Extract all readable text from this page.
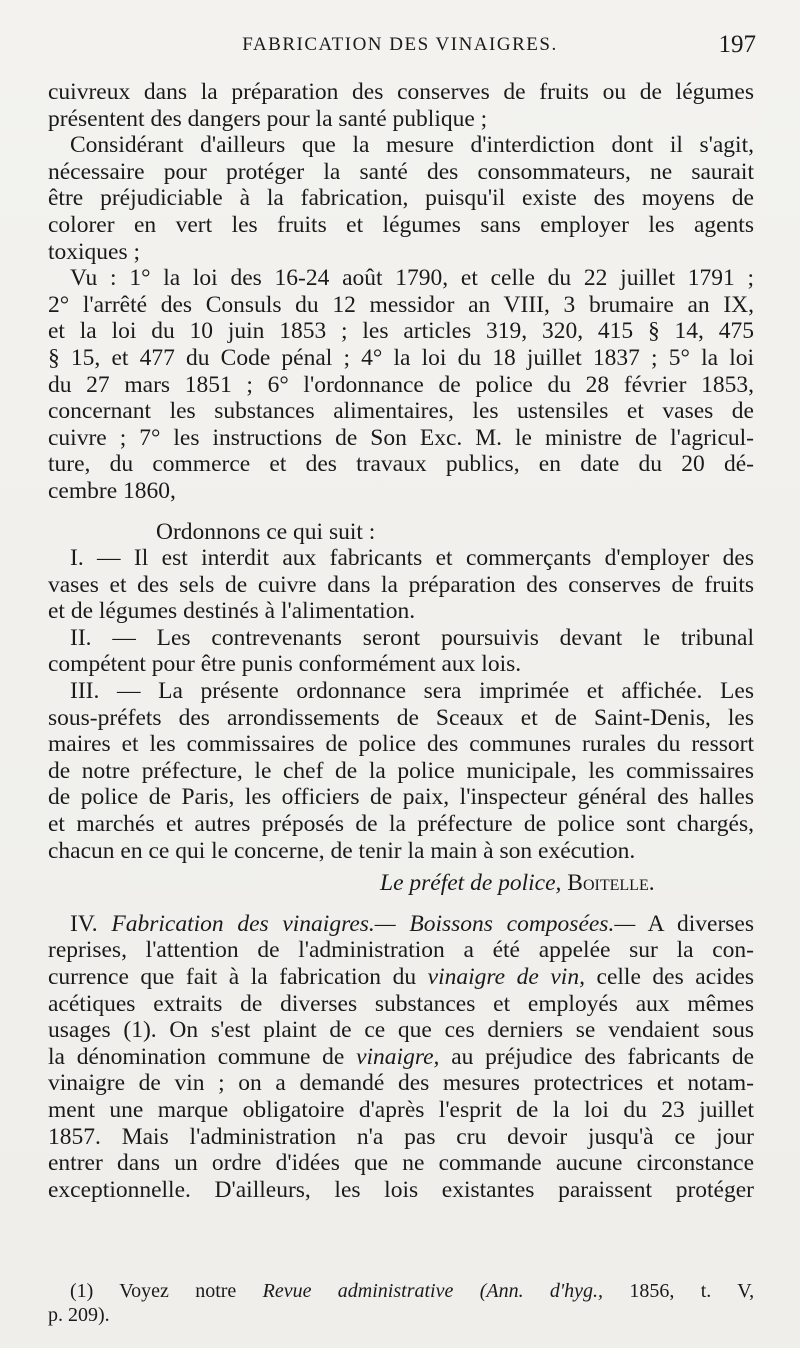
FABRICATION DES VINAIGRES.	197
cuivreux dans la préparation des conserves de fruits ou de légumes
présentent des dangers pour la santé publique ;
Considérant d'ailleurs que la mesure d'interdiction dont il s'agit,
nécessaire pour protéger la santé des consommateurs, ne saurait
être préjudiciable à la fabrication, puisqu'il existe des moyens de
colorer en vert les fruits et légumes sans employer les agents
toxiques ;
Vu : 1° la loi des 16-24 août 1790, et celle du 22 juillet 1791 ;
2° l'arrêté des Consuls du 12 messidor an VIII, 3 brumaire an IX,
et la loi du 10 juin 1853 ; les articles 319, 320, 415 § 14, 475
§ 15, et 477 du Code pénal ; 4° la loi du 18 juillet 1837 ; 5° la loi
du 27 mars 1851 ; 6° l'ordonnance de police du 28 février 1853,
concernant les substances alimentaires, les ustensiles et vases de
cuivre ; 7° les instructions de Son Exc. M. le ministre de l'agricul-
ture, du commerce et des travaux publics, en date du 20 dé-
cembre 1860,
Ordonnons ce qui suit :
I. — Il est interdit aux fabricants et commerçants d'employer des
vases et des sels de cuivre dans la préparation des conserves de fruits
et de légumes destinés à l'alimentation.
II. — Les contrevenants seront poursuivis devant le tribunal
compétent pour être punis conformément aux lois.
III. — La présente ordonnance sera imprimée et affichée. Les
sous-préfets des arrondissements de Sceaux et de Saint-Denis, les
maires et les commissaires de police des communes rurales du ressort
de notre préfecture, le chef de la police municipale, les commissaires
de police de Paris, les officiers de paix, l'inspecteur général des halles
et marchés et autres préposés de la préfecture de police sont chargés,
chacun en ce qui le concerne, de tenir la main à son exécution.
Le préfet de police, Boitelle.
IV. Fabrication des vinaigres.— Boissons composées.— A diverses
reprises, l'attention de l'administration a été appelée sur la con-
currence que fait à la fabrication du vinaigre de vin, celle des acides
acétiques extraits de diverses substances et employés aux mêmes
usages (1). On s'est plaint de ce que ces derniers se vendaient sous
la dénomination commune de vinaigre, au préjudice des fabricants de
vinaigre de vin ; on a demandé des mesures protectrices et notam-
ment une marque obligatoire d'après l'esprit de la loi du 23 juillet
1857. Mais l'administration n'a pas cru devoir jusqu'à ce jour
entrer dans un ordre d'idées que ne commande aucune circonstance
exceptionnelle. D'ailleurs, les lois existantes paraissent protéger
(1) Voyez notre Revue administrative (Ann. d'hyg., 1856, t. V,
p. 209).
